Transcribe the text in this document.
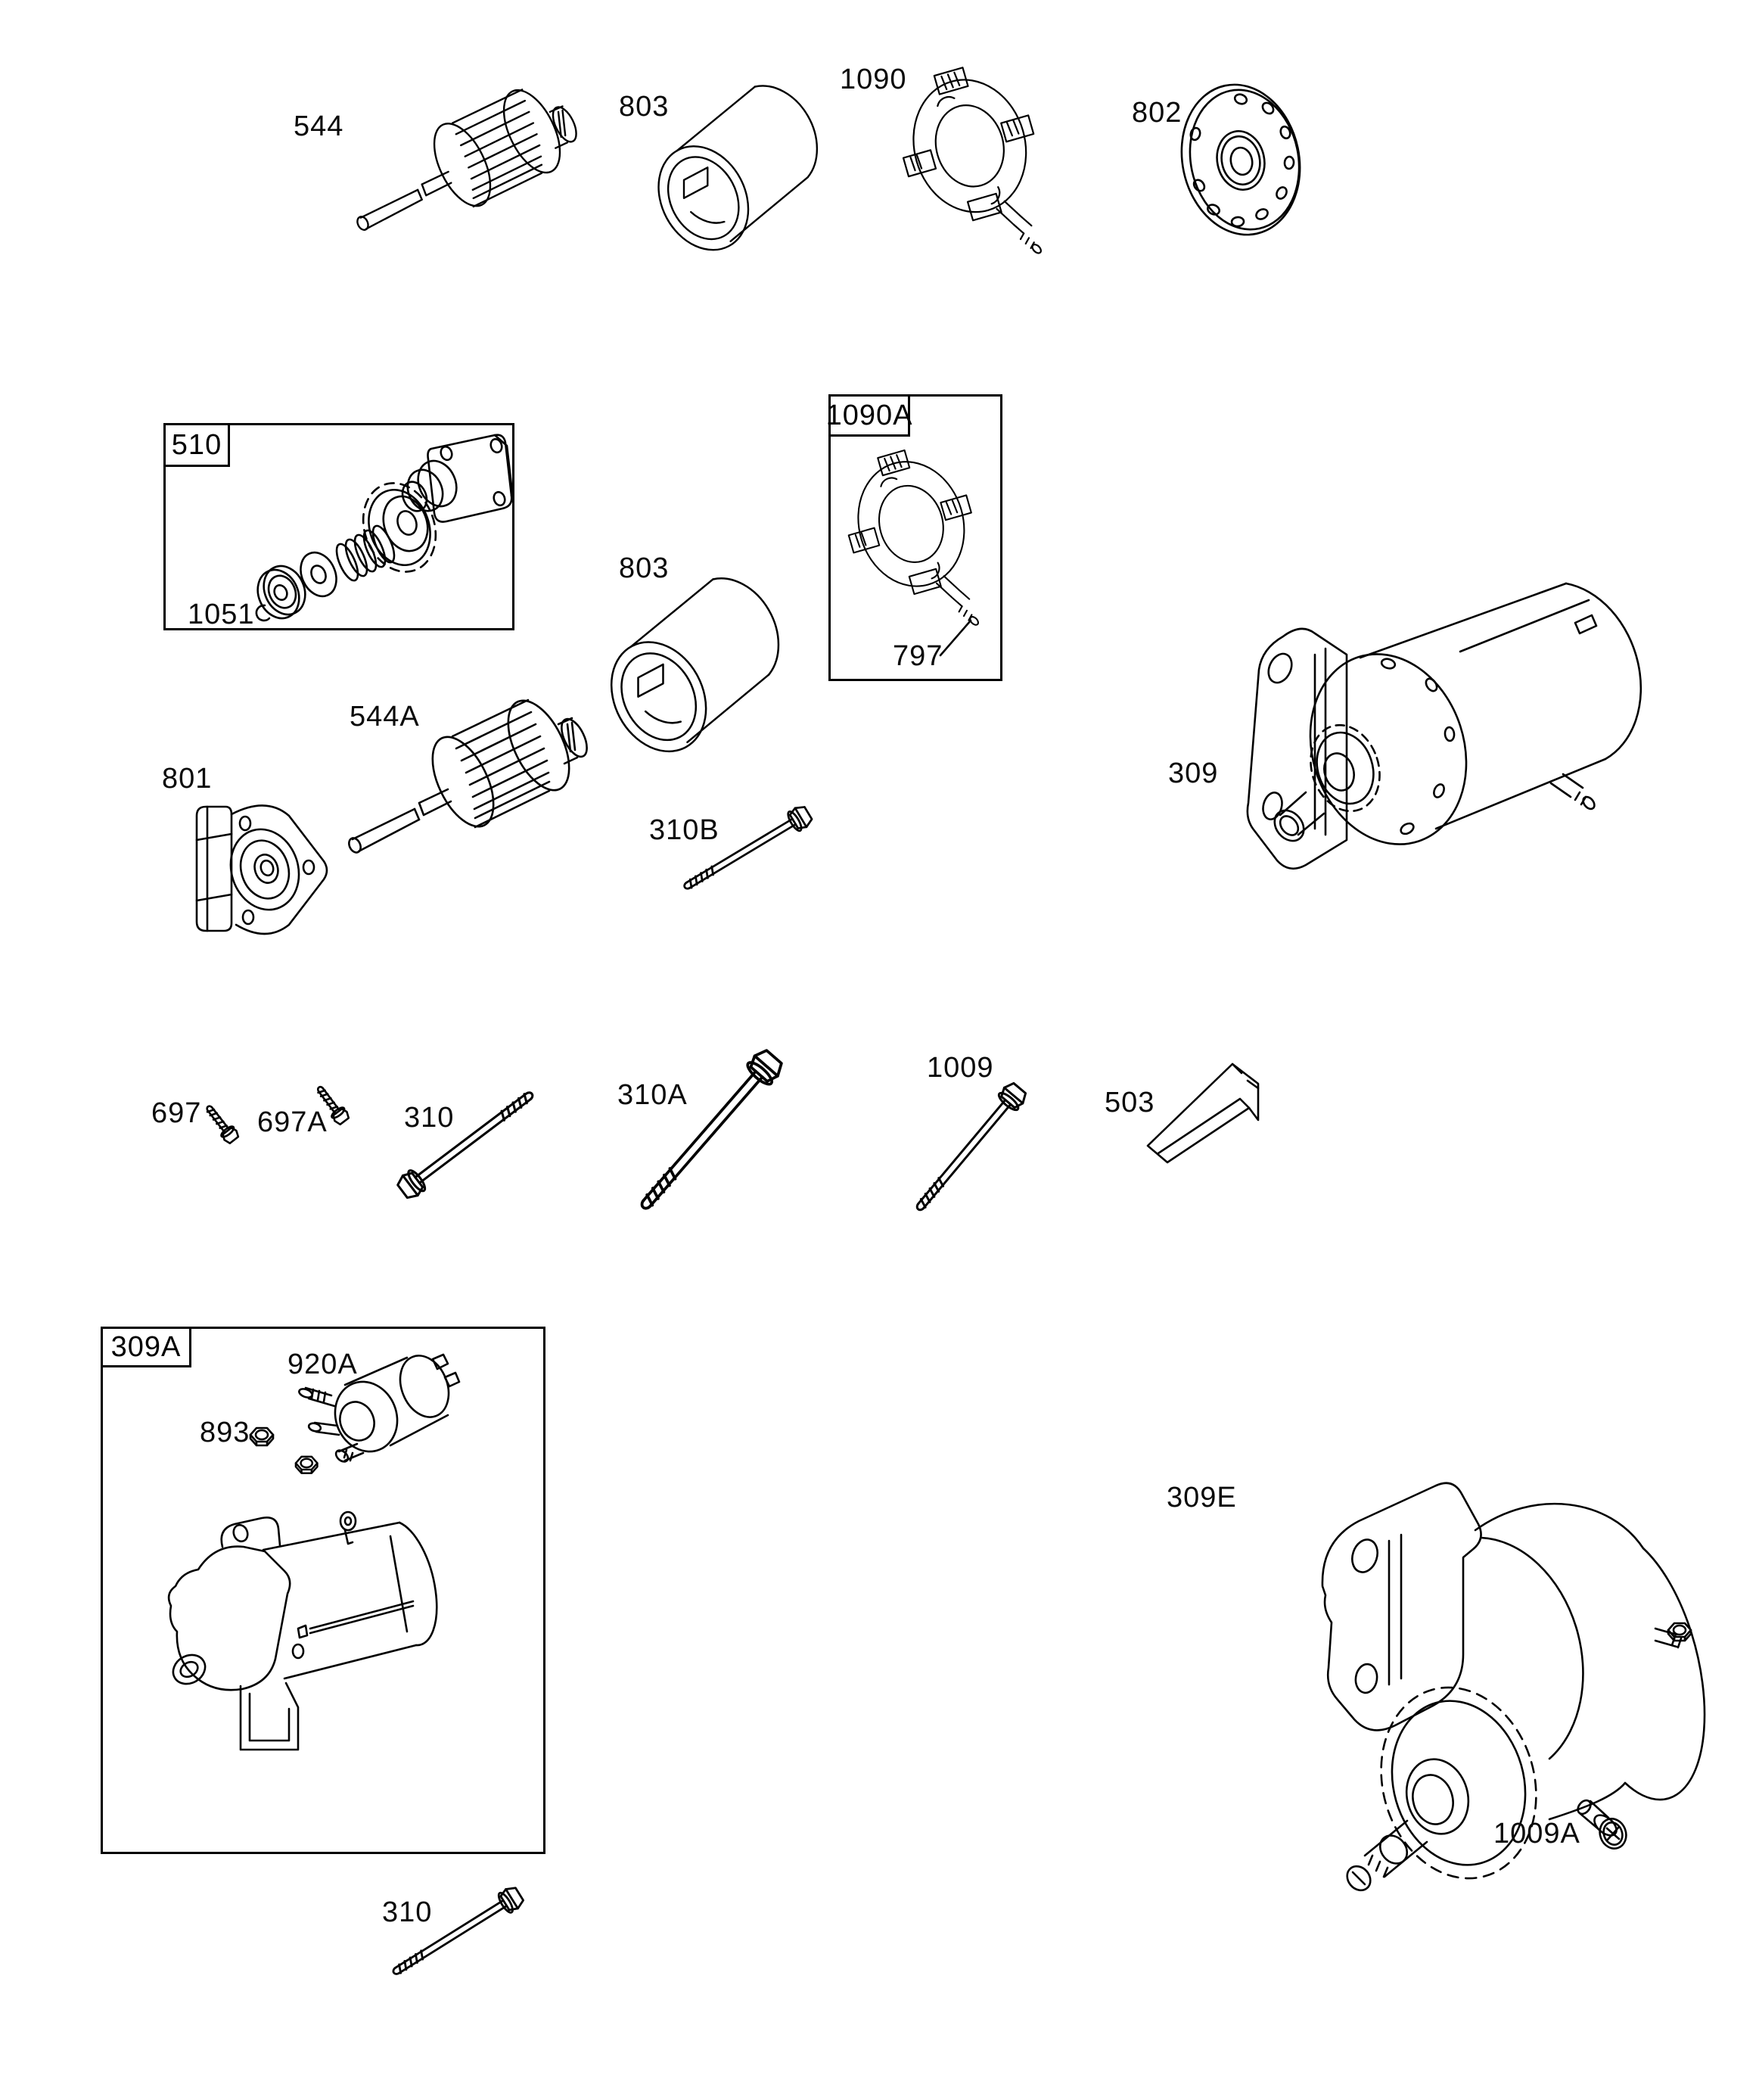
510
1090A
309A
544
803
1090
802
1051
803
797
309
544A
801
310B
697 697A	310
310A
1009
503
920A
893
309E
1009A
310
